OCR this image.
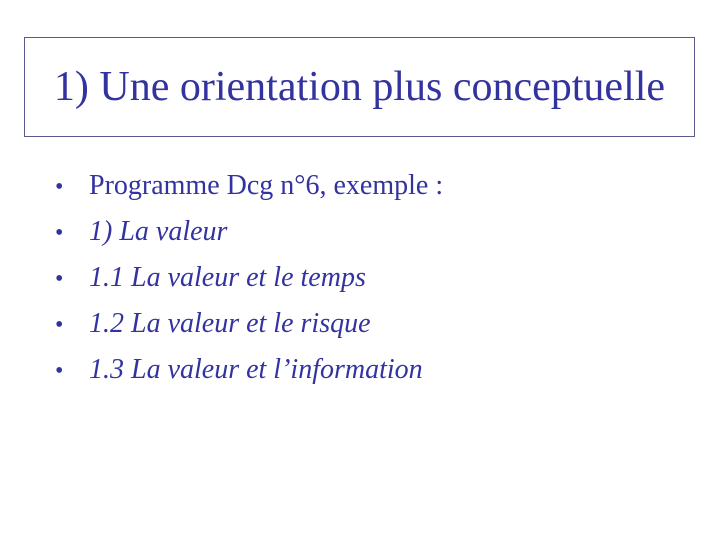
1) Une orientation plus conceptuelle
• Programme Dcg n°6, exemple :
• 1) La valeur
• 1.1 La valeur et le temps
• 1.2 La valeur et le risque
• 1.3 La valeur et l’information
